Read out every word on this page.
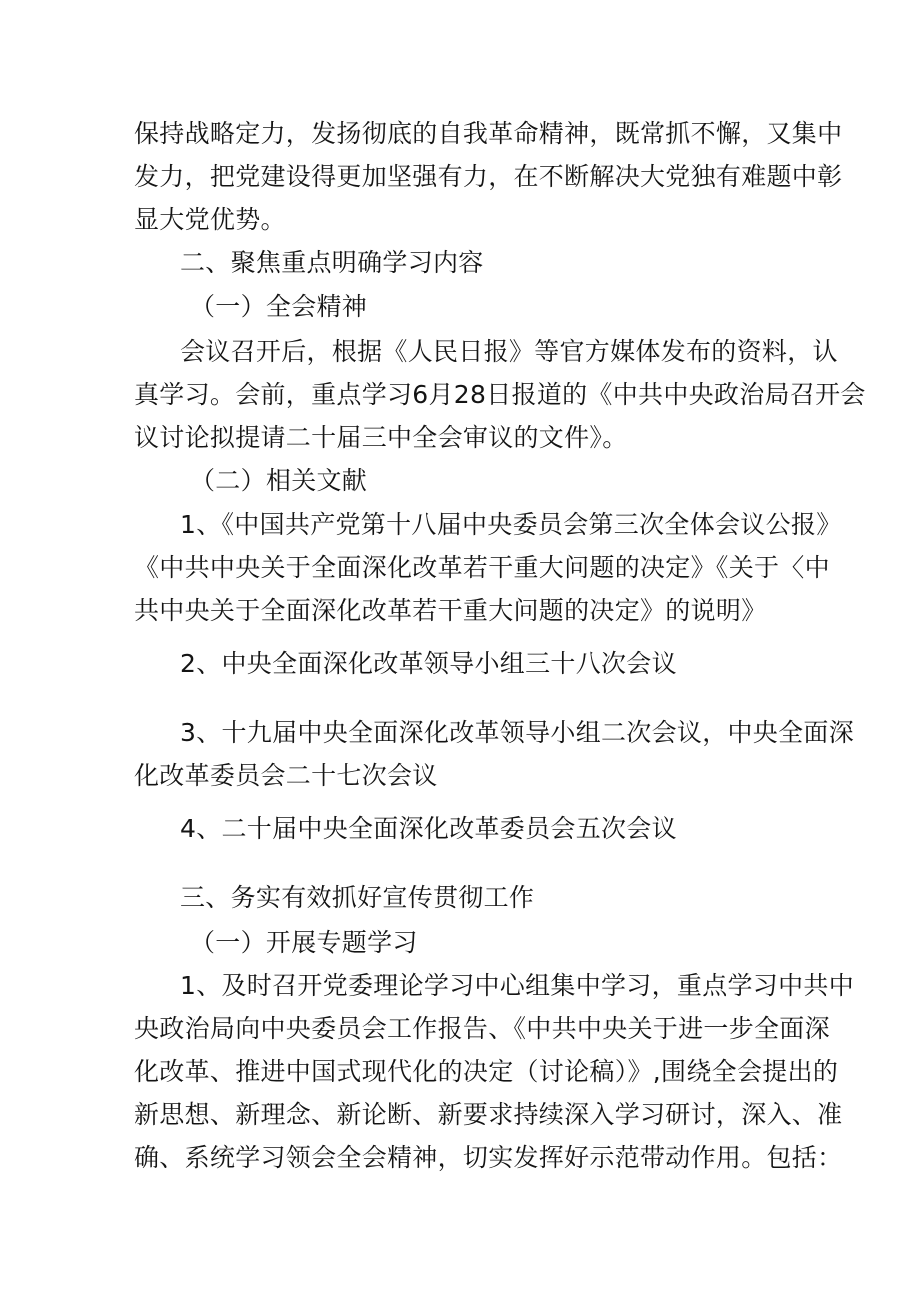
保持战略定力，发扬彻底的自我革命精神，既常抓不懈，又集中
发力，把党建设得更加坚强有力，在不断解决大党独有难题中彰
显大党优势。
二、聚焦重点明确学习内容
（一）全会精神
会议召开后，根据《人民日报》等官方媒体发布的资料，认
真学习。会前，重点学习6月28日报道的《中共中央政治局召开会
议讨论拟提请二十届三中全会审议的文件》。
（二）相关文献
1、《中国共产党第十八届中央委员会第三次全体会议公报》
《中共中央关于全面深化改革若干重大问题的决定》《关于〈中
共中央关于全面深化改革若干重大问题的决定》的说明》
2、中央全面深化改革领导小组三十八次会议
3、十九届中央全面深化改革领导小组二次会议，中央全面深
化改革委员会二十七次会议
4、二十届中央全面深化改革委员会五次会议
三、务实有效抓好宣传贯彻工作
（一）开展专题学习
1、及时召开党委理论学习中心组集中学习，重点学习中共中
央政治局向中央委员会工作报告、《中共中央关于进一步全面深
化改革、推进中国式现代化的决定（讨论稿）》,围绕全会提出的
新思想、新理念、新论断、新要求持续深入学习研讨，深入、准
确、系统学习领会全会精神，切实发挥好示范带动作用。包括：
